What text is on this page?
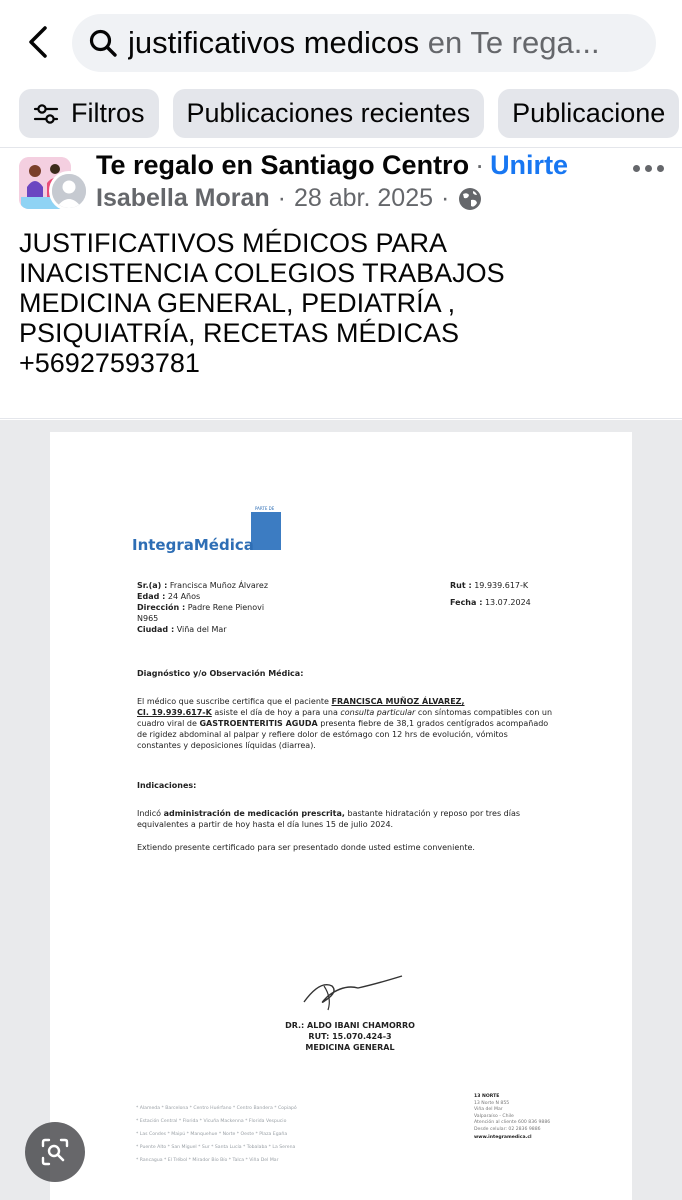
justificativos medicos en Te rega...
Filtros Publicaciones recientes Publicacione
Te regalo en Santiago Centro · Unirte
Isabella Moran · 28 abr. 2025 ·
JUSTIFICATIVOS MÉDICOS PARA
INACISTENCIA COLEGIOS TRABAJOS
MEDICINA GENERAL, PEDIATRÍA ,
PSIQUIATRÍA, RECETAS MÉDICAS
+56927593781
PARTE DE
IntegraMédica
Sr.(a) : Francisca Muñoz Álvarez
Edad : 24 Años
Dirección : Padre Rene Pienovi
N965
Ciudad : Viña del Mar
Rut : 19.939.617-K
Fecha : 13.07.2024
Diagnóstico y/o Observación Médica:
El médico que suscribe certifica que el paciente FRANCISCA MUÑOZ ÁLVAREZ,
CI. 19.939.617-K asiste el día de hoy a para una consulta particular con síntomas compatibles con un
cuadro viral de GASTROENTERITIS AGUDA presenta fiebre de 38,1 grados centígrados acompañado
de rigidez abdominal al palpar y refiere dolor de estómago con 12 hrs de evolución, vómitos
constantes y deposiciones líquidas (diarrea).
Indicaciones:
Indicó administración de medicación prescrita, bastante hidratación y reposo por tres días
equivalentes a partir de hoy hasta el día lunes 15 de julio 2024.
Extiendo presente certificado para ser presentado donde usted estime conveniente.
DR.: ALDO IBANI CHAMORRO
RUT: 15.070.424-3
MEDICINA GENERAL
* Alameda * Barcelona * Centro Huérfano * Centro Bandera * Copiapó
* Estación Central * Florida * Vicuña Mackenna * Florida Vespucio
* Las Condes * Maipú * Manquehue * Norte * Oeste * Plaza Egaña
* Puente Alto * San Miguel * Sur * Santa Lucía * Tobalaba * La Serena
* Rancagua * El Trébol * Mirador Bío Bío * Talca * Viña Del Mar
13 NORTE
13 Norte N 855
Viña del Mar
Valparaíso - Chile
Atención al cliente 600 836 9886
Desde celular: 02 2836 9886
www.integramedica.cl
